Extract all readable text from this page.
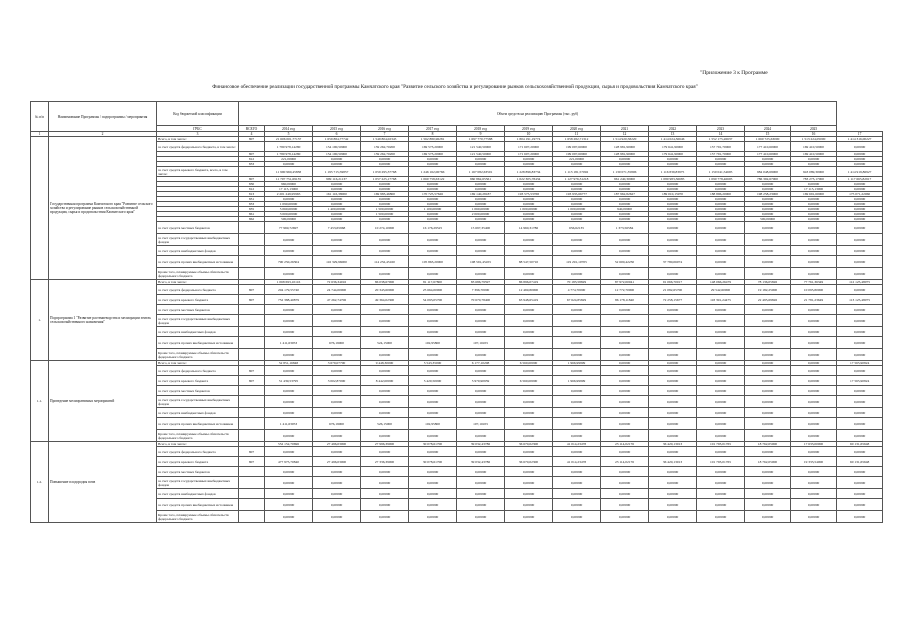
"Приложение 3 к Программе
Финансовое обеспечение реализации государственной программы Камчатского края "Развитие сельского хозяйства и регулирование рынков сельскохозяйственной продукции, сырья и продовольствия Камчатского края"
№ п/п	Наименование Программы / подпрограммы / мероприятия	Код бюджетной классификации	Объем средств на реализацию Программы (тыс. руб)													
		ГРБС	ВСЕГО	2014 год	2015 год	2016 год	2017 год	2018 год	2019 год	2020 год	2021	2022	2023	2024	2025	
1	2	3	4	5	6	7	8	9	10	11	12	13	14	15	16	17
	Государственная программа Камчатского края "Развитие сельского хозяйства и регулирование рынков сельскохозяйственной продукции, сырья и продовольствия Камчатского края"	Всего, в том числе:	807	21 606 001,77137	1 659 884,77742	1 549 804,02345	1 562 880,96281	1 697 770,77588	1 804 191,19774	1 658 282,71312	1 514 920,58220	1 414 024,36646	1 552 175,26637	1 660 725,63000	1 513 224,05000	1 414 316,00227
		за счет средств федерального бюджета, в том числе:		1 780 978,14280	154 190,50900	159 262,70200	169 573,20000	121 540,50000	171 607,20000	199 097,60000	128 981,90000	179 641,90000	157 791,70000	177 410,60000	169 410,50000	0,00000
			807	1 780 978,14280	154 190,50900	159 262,70200	169 573,20000	121 540,50000	171 607,20000	199 097,60000	128 981,90000	179 641,90000	157 791,70000	177 410,60000	169 410,50000	0,00000
			812	221,00000	0,00000	0,00000	0,00000	0,00000	0,00000	221,00000	0,00000	0,00000	0,00000	0,00000	0,00000	0,00000
			833	0,00000	0,00000	0,00000	0,00000	0,00000	0,00000	0,00000	0,00000	0,00000	0,00000	0,00000	0,00000	0,00000
		за счет средств краевого бюджета, всего, в том числе:		11 990 960,45838	1 195 715,59857	1 059 295,37768	1 246 162,06766	1 167 082,63501	1 228 896,83734	1 113 181,57092	1 130 071,35806	1 116 839,83975	1 150 041,54695	984 048,69000	943 089,30000	1 414 919,86927
			807	11 707 751,69135	999 116,21137	1 057 225,17768	1 060 758,63122	960 862,65561	1 022 305,78434	1 127 976,31218	961 240,30000	1 080 983,36685	1 090 778,46695	786 392,67000	783 273,17000	1 117 665,82917
			830	960,00000	0,00000	0,00000	0,00000	0,00000	0,00000	0,00000	0,00000	0,00000	0,00000	0,00000	0,00000	0,00000
			812	17 115,13000	0,00000	0,00000	0,00000	0,00000	0,00000	0,00000	0,00000	0,00000	0,00000	0,00000	17 115,13000	0,00000
			813	2 201 249,95965	161 116,38000	169 983,46800	170 725,57626	169 140,28187	193 575,53768	193 935,66777	187 962,82627	189 010,15970	188 896,20000	198 258,23000	169 691,60000	175 071,22060
			831	0,00000	0,00000	0,00000	0,00000	0,00000	0,00000	0,00000	0,00000	0,00000	0,00000	0,00000	0,00000	0,00000
			833	1 090,00000	0,00000	0,00000	0,00000	0,00000	0,00000	0,00000	0,00000	0,00000	0,00000	0,00000	0,00000	0,00000
			835	5 060,00000	1 400,00000	1 500,00000	1 100,00000	1 060,00000	1 000,00000	1 000,00000	940,00000	0,00000	0,00000	0,00000	0,00000	0,00000
			861	3 000,00000	0,00000	1 500,00000	0,00000	2 000,00000	0,00000	0,00000	0,00000	0,00000	0,00000	0,00000	0,00000	0,00000
			862	500,00000	0,00000	0,00000	0,00000	0,00000	0,00000	0,00000	0,00000	0,00000	0,00000	500,00000	0,00000	0,00000
		за счет средств местных бюджетов		77 969,72697	7 453,65968	10 274,10000	16 176,29525	15 697,35400	14 960,31786	656,62135	1 373,56584	0,00000	0,00000	0,00000	0,00000	0,00000
		за счет средств государственных внебюджетных фондов		0,00000	0,00000	0,00000	0,00000	0,00000	0,00000	0,00000	0,00000	0,00000	0,00000	0,00000	0,00000	0,00000
		за счет средств внебюджетных фондов		0,00000	0,00000	0,00000	0,00000	0,00000	0,00000	0,00000	0,00000	0,00000	0,00000	0,00000	0,00000	0,00000
		за счет средств прочих внебюджетных источников		790 250,26304	116 329,96000	114 232,45160	105 863,20000	108 591,45455	88 547,50710	119 291,10705	52 600,42230	37 780,06074	0,00000	0,00000	0,00000	0,00000
		Кроме того, планируемые объемы обязательств федерального бюджета		0,00000	0,00000	0,00000	0,00000	0,00000	0,00000	0,00000	0,00000	0,00000	0,00000	0,00000	0,00000	0,00000
1.	Подпрограмма 1 "Развитие растениеводства и мелиорации земель сельскохозяйственного назначения"	Всего, в том числе:		1 068 693,10116	72 636,34016	86 038,67000	81 117,67800	83 686,79597	86 896,07419	70 183,58829	87 972,00041	91 066,70017	148 066,26479	78 136,05826	77 761,36349	112 125,48075
		за счет средств федерального бюджета	807	204 179,55740	24 744,00000	20 343,60000	25 664,00000	7 396,70000	12 469,80000	4 774,70000	12 772,70000	21 082,65700	29 542,60000	19 182,25000	10 095,80000	0,00000
		за счет средств краевого бюджета	807	752 388,40879	47 262,74706	49 364,02300	54 093,05700	70 670,78400	63 948,65419	67 624,85829	86 178,11840	72 258,15677	118 391,24475	22 495,69826	21 781,23649	113 125,48075
		за счет средств местных бюджетов		0,00000	0,00000	0,00000	0,00000	0,00000	0,00000	0,00000	0,00000	0,00000	0,00000	0,00000	0,00000	0,00000
		за счет средств государственных внебюджетных фондов		0,00000	0,00000	0,00000	0,00000	0,00000	0,00000	0,00000	0,00000	0,00000	0,00000	0,00000	0,00000	0,00000
		за счет средств внебюджетных фондов		0,00000	0,00000	0,00000	0,00000	0,00000	0,00000	0,00000	0,00000	0,00000	0,00000	0,00000	0,00000	0,00000
		за счет средств прочих внебюджетных источников		1 411,63053	676,19000	524,15000	102,95800	107,10455	0,00000	0,00000	0,00000	0,00000	0,00000	0,00000	0,00000	0,00000
		Кроме того, планируемые объемы обязательств федерального бюджета		0,00000	0,00000	0,00000	0,00000	0,00000	0,00000	0,00000	0,00000	0,00000	0,00000	0,00000	0,00000	0,00000
1.1.	Проведение мелиоративных мероприятий	Всего, в том числе:		52 851,16848	3 679,07700	9 448,30000	5 543,35000	6 177,10208	6 560,00000	1 966,99999	0,00000	0,00000	0,00000	0,00000	0,00000	17 565,90824
		за счет средств федерального бюджета	807	0,00000	0,00000	0,00000	0,00000	0,00000	0,00000	0,00000	0,00000	0,00000	0,00000	0,00000	0,00000	0,00000
		за счет средств краевого бюджета	807	51 439,53795	3 002,87000	8 442,00000	5 420,50000	5 970,90959	6 560,00000	1 966,99999	0,00000	0,00000	0,00000	0,00000	0,00000	17 565,90824
		за счет средств местных бюджетов		0,00000	0,00000	0,00000	0,00000	0,00000	0,00000	0,00000	0,00000	0,00000	0,00000	0,00000	0,00000	0,00000
		за счет средств государственных внебюджетных фондов		0,00000	0,00000	0,00000	0,00000	0,00000	0,00000	0,00000	0,00000	0,00000	0,00000	0,00000	0,00000	0,00000
		за счет средств внебюджетных фондов		0,00000	0,00000	0,00000	0,00000	0,00000	0,00000	0,00000	0,00000	0,00000	0,00000	0,00000	0,00000	0,00000
		за счет средств прочих внебюджетных источников		1 411,63053	676,19000	526,15000	102,95800	107,10455	0,00000	0,00000	0,00000	0,00000	0,00000	0,00000	0,00000	0,00000
		Кроме того, планируемые объемы обязательств федерального бюджета		0,00000	0,00000	0,00000	0,00000	0,00000	0,00000	0,00000	0,00000	0,00000	0,00000	0,00000	0,00000	0,00000
1.2.	Повышение плодородия почв	Всего, в том числе:		552 152,70696	27 496,03000	27 996,39000	30 078,61700	39 032,43786	36 670,02300	41 014,23478	23 114,02176	36 420,13013	101 793,01765	18 762,05000	17 633,00000	60 131,65648
		за счет средств федерального бюджета	807	0,00000	0,00000	0,00000	0,00000	0,00000	0,00000	0,00000	0,00000	0,00000	0,00000	0,00000	0,00000	0,00000
		за счет средств краевого бюджета	807	477 975,70840	27 496,03000	27 336,39000	30 078,61700	39 032,43786	36 670,02300	41 014,23478	23 114,02176	36 420,13013	101 793,01765	18 762,05000	19 333,54000	60 131,65648
		за счет средств местных бюджетов		0,00000	0,00000	0,00000	0,00000	0,00000	0,00000	0,00000	0,00000	0,00000	0,00000	0,00000	0,00000	0,00000
		за счет средств государственных внебюджетных фондов		0,00000	0,00000	0,00000	0,00000	0,00000	0,00000	0,00000	0,00000	0,00000	0,00000	0,00000	0,00000	0,00000
		за счет средств внебюджетных фондов		0,00000	0,00000	0,00000	0,00000	0,00000	0,00000	0,00000	0,00000	0,00000	0,00000	0,00000	0,00000	0,00000
		за счет средств прочих внебюджетных источников		0,00000	0,00000	0,00000	0,00000	0,00000	0,00000	0,00000	0,00000	0,00000	0,00000	0,00000	0,00000	0,00000
		Кроме того, планируемые объемы обязательств федерального бюджета		0,00000	0,00000	0,00000	0,00000	0,00000	0,00000	0,00000	0,00000	0,00000	0,00000	0,00000	0,00000	0,00000
